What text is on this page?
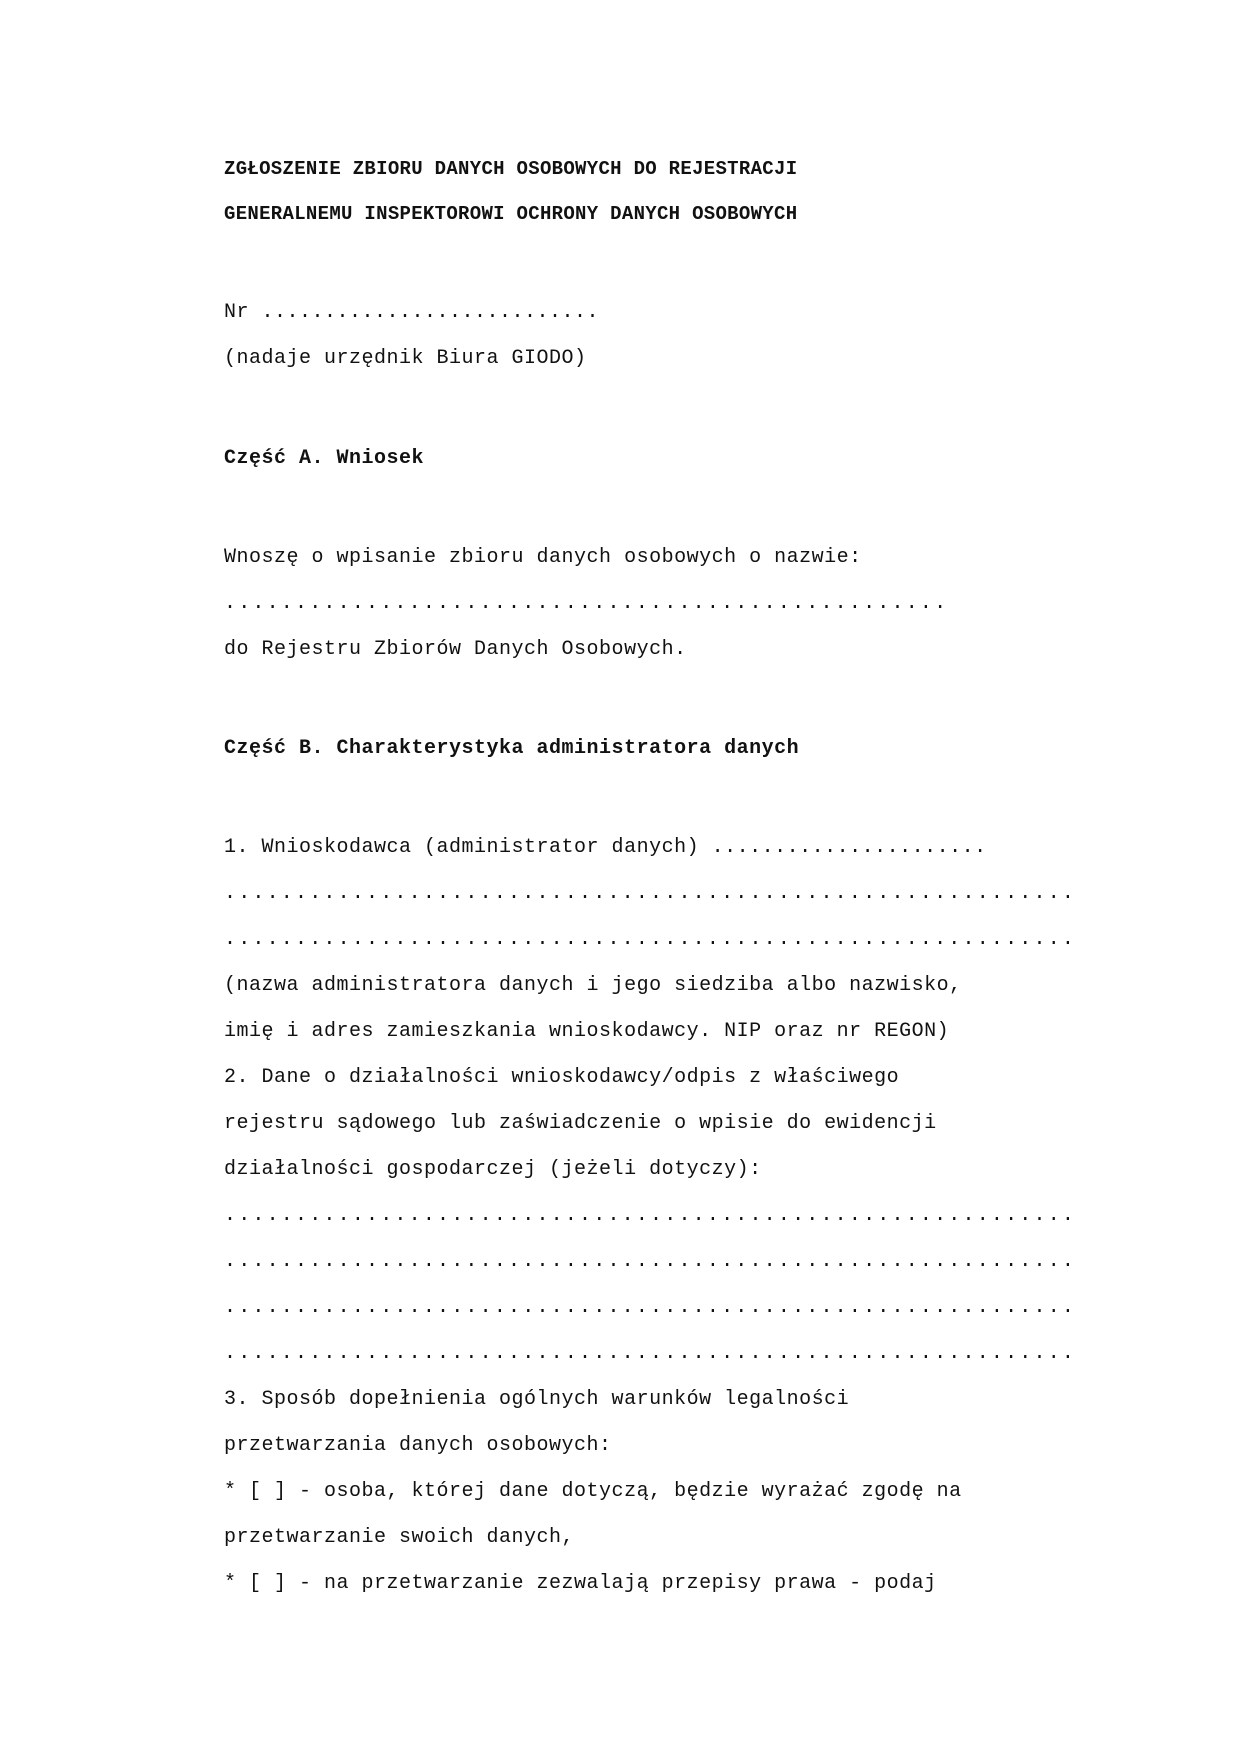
ZGŁOSZENIE ZBIORU DANYCH OSOBOWYCH DO REJESTRACJI
GENERALNEMU INSPEKTOROWI OCHRONY DANYCH OSOBOWYCH
Nr ...........................
(nadaje urzędnik Biura GIODO)
Część A. Wniosek
Wnoszę o wpisanie zbioru danych osobowych o nazwie:
...................................................
do Rejestru Zbiorów Danych Osobowych.
Część B. Charakterystyka administratora danych
1. Wnioskodawca (administrator danych) ......................
............................................................
............................................................
(nazwa administratora danych i jego siedziba albo nazwisko,
imię i adres zamieszkania wnioskodawcy. NIP oraz nr REGON)
2. Dane o działalności wnioskodawcy/odpis z właściwego
rejestru sądowego lub zaświadczenie o wpisie do ewidencji
działalności gospodarczej (jeżeli dotyczy):
............................................................
............................................................
............................................................
............................................................
3. Sposób dopełnienia ogólnych warunków legalności
przetwarzania danych osobowych:
* [ ] - osoba, której dane dotyczą, będzie wyrażać zgodę na
przetwarzanie swoich danych,
* [ ] - na przetwarzanie zezwalają przepisy prawa - podaj
